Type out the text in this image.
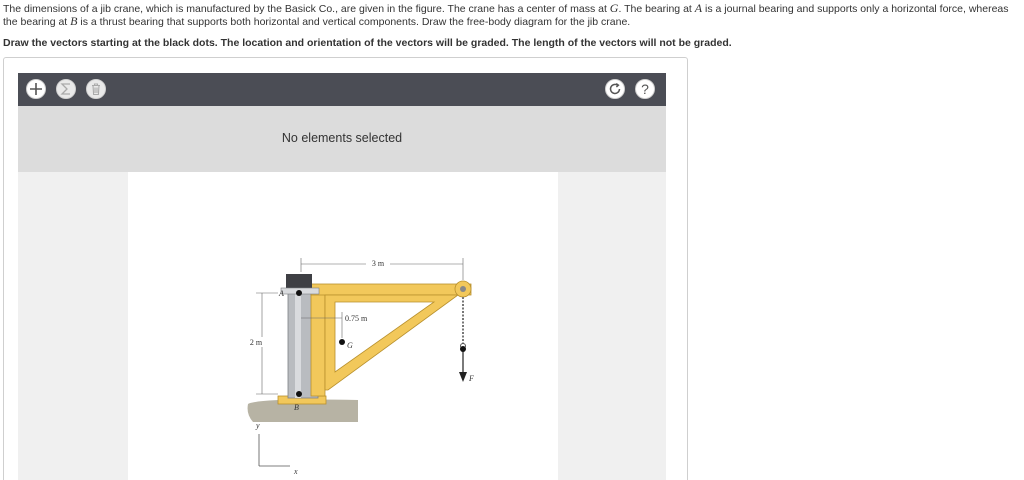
The dimensions of a jib crane, which is manufactured by the Basick Co., are given in the figure. The crane has a center of mass at G. The bearing at A is a journal bearing and supports only a horizontal force, whereas the bearing at B is a thrust bearing that supports both horizontal and vertical components. Draw the free-body diagram for the jib crane.
Draw the vectors starting at the black dots. The location and orientation of the vectors will be graded. The length of the vectors will not be graded.
?
No elements selected
F
3 m
0.75 m
2 m
A
B
G
y
x
